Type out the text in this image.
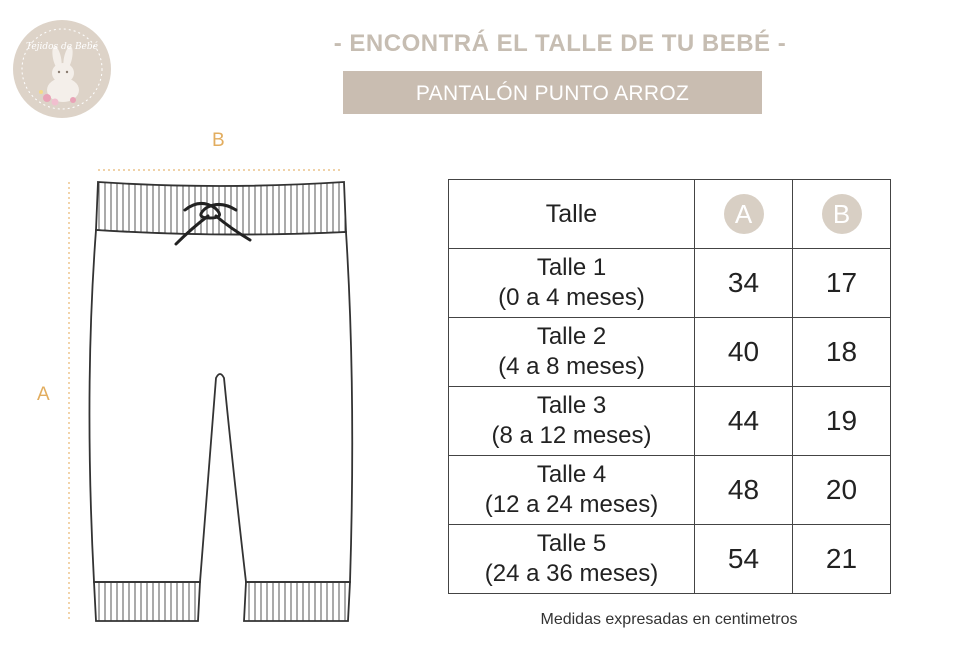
Tejidos de Bebé	- ENCONTRÁ EL TALLE DE TU BEBÉ -
PANTALÓN PUNTO ARROZ
B
A
Talle	A	B

Talle 1
(0 a 4 meses)	34	17

Talle 2
(4 a 8 meses)	40	18

Talle 3
(8 a 12 meses)	44	19

Talle 4
(12 a 24 meses)	48	20

Talle 5
(24 a 36 meses)	54	21
Medidas expresadas en centimetros
